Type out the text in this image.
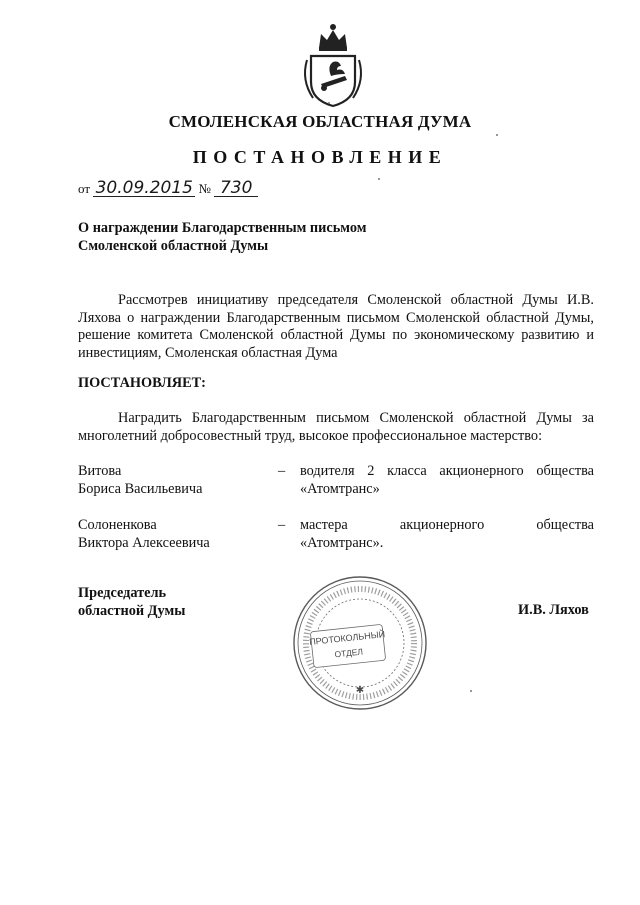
СМОЛЕНСКАЯ ОБЛАСТНАЯ ДУМА
ПОСТАНОВЛЕНИЕ
от 30.09.2015 № 730
О награждении Благодарственным письмом
Смоленской областной Думы
Рассмотрев инициативу председателя Смоленской областной Думы И.В. Ляхова о награждении Благодарственным письмом Смоленской областной Думы, решение комитета Смоленской областной Думы по экономическому развитию и инвестициям, Смоленская областная Дума
ПОСТАНОВЛЯЕТ:
Наградить Благодарственным письмом Смоленской областной Думы за многолетний добросовестный труд, высокое профессиональное мастерство:
Витова
Бориса Васильевича
– водителя 2 класса акционерного общества
«Атомтранс»
Солоненкова
Виктора Алексеевича
– мастера акционерного общества
«Атомтранс».
Председатель
областной Думы	И.В. Ляхов
ПРОТОКОЛЬНЫЙ
ОТДЕЛ
✱
